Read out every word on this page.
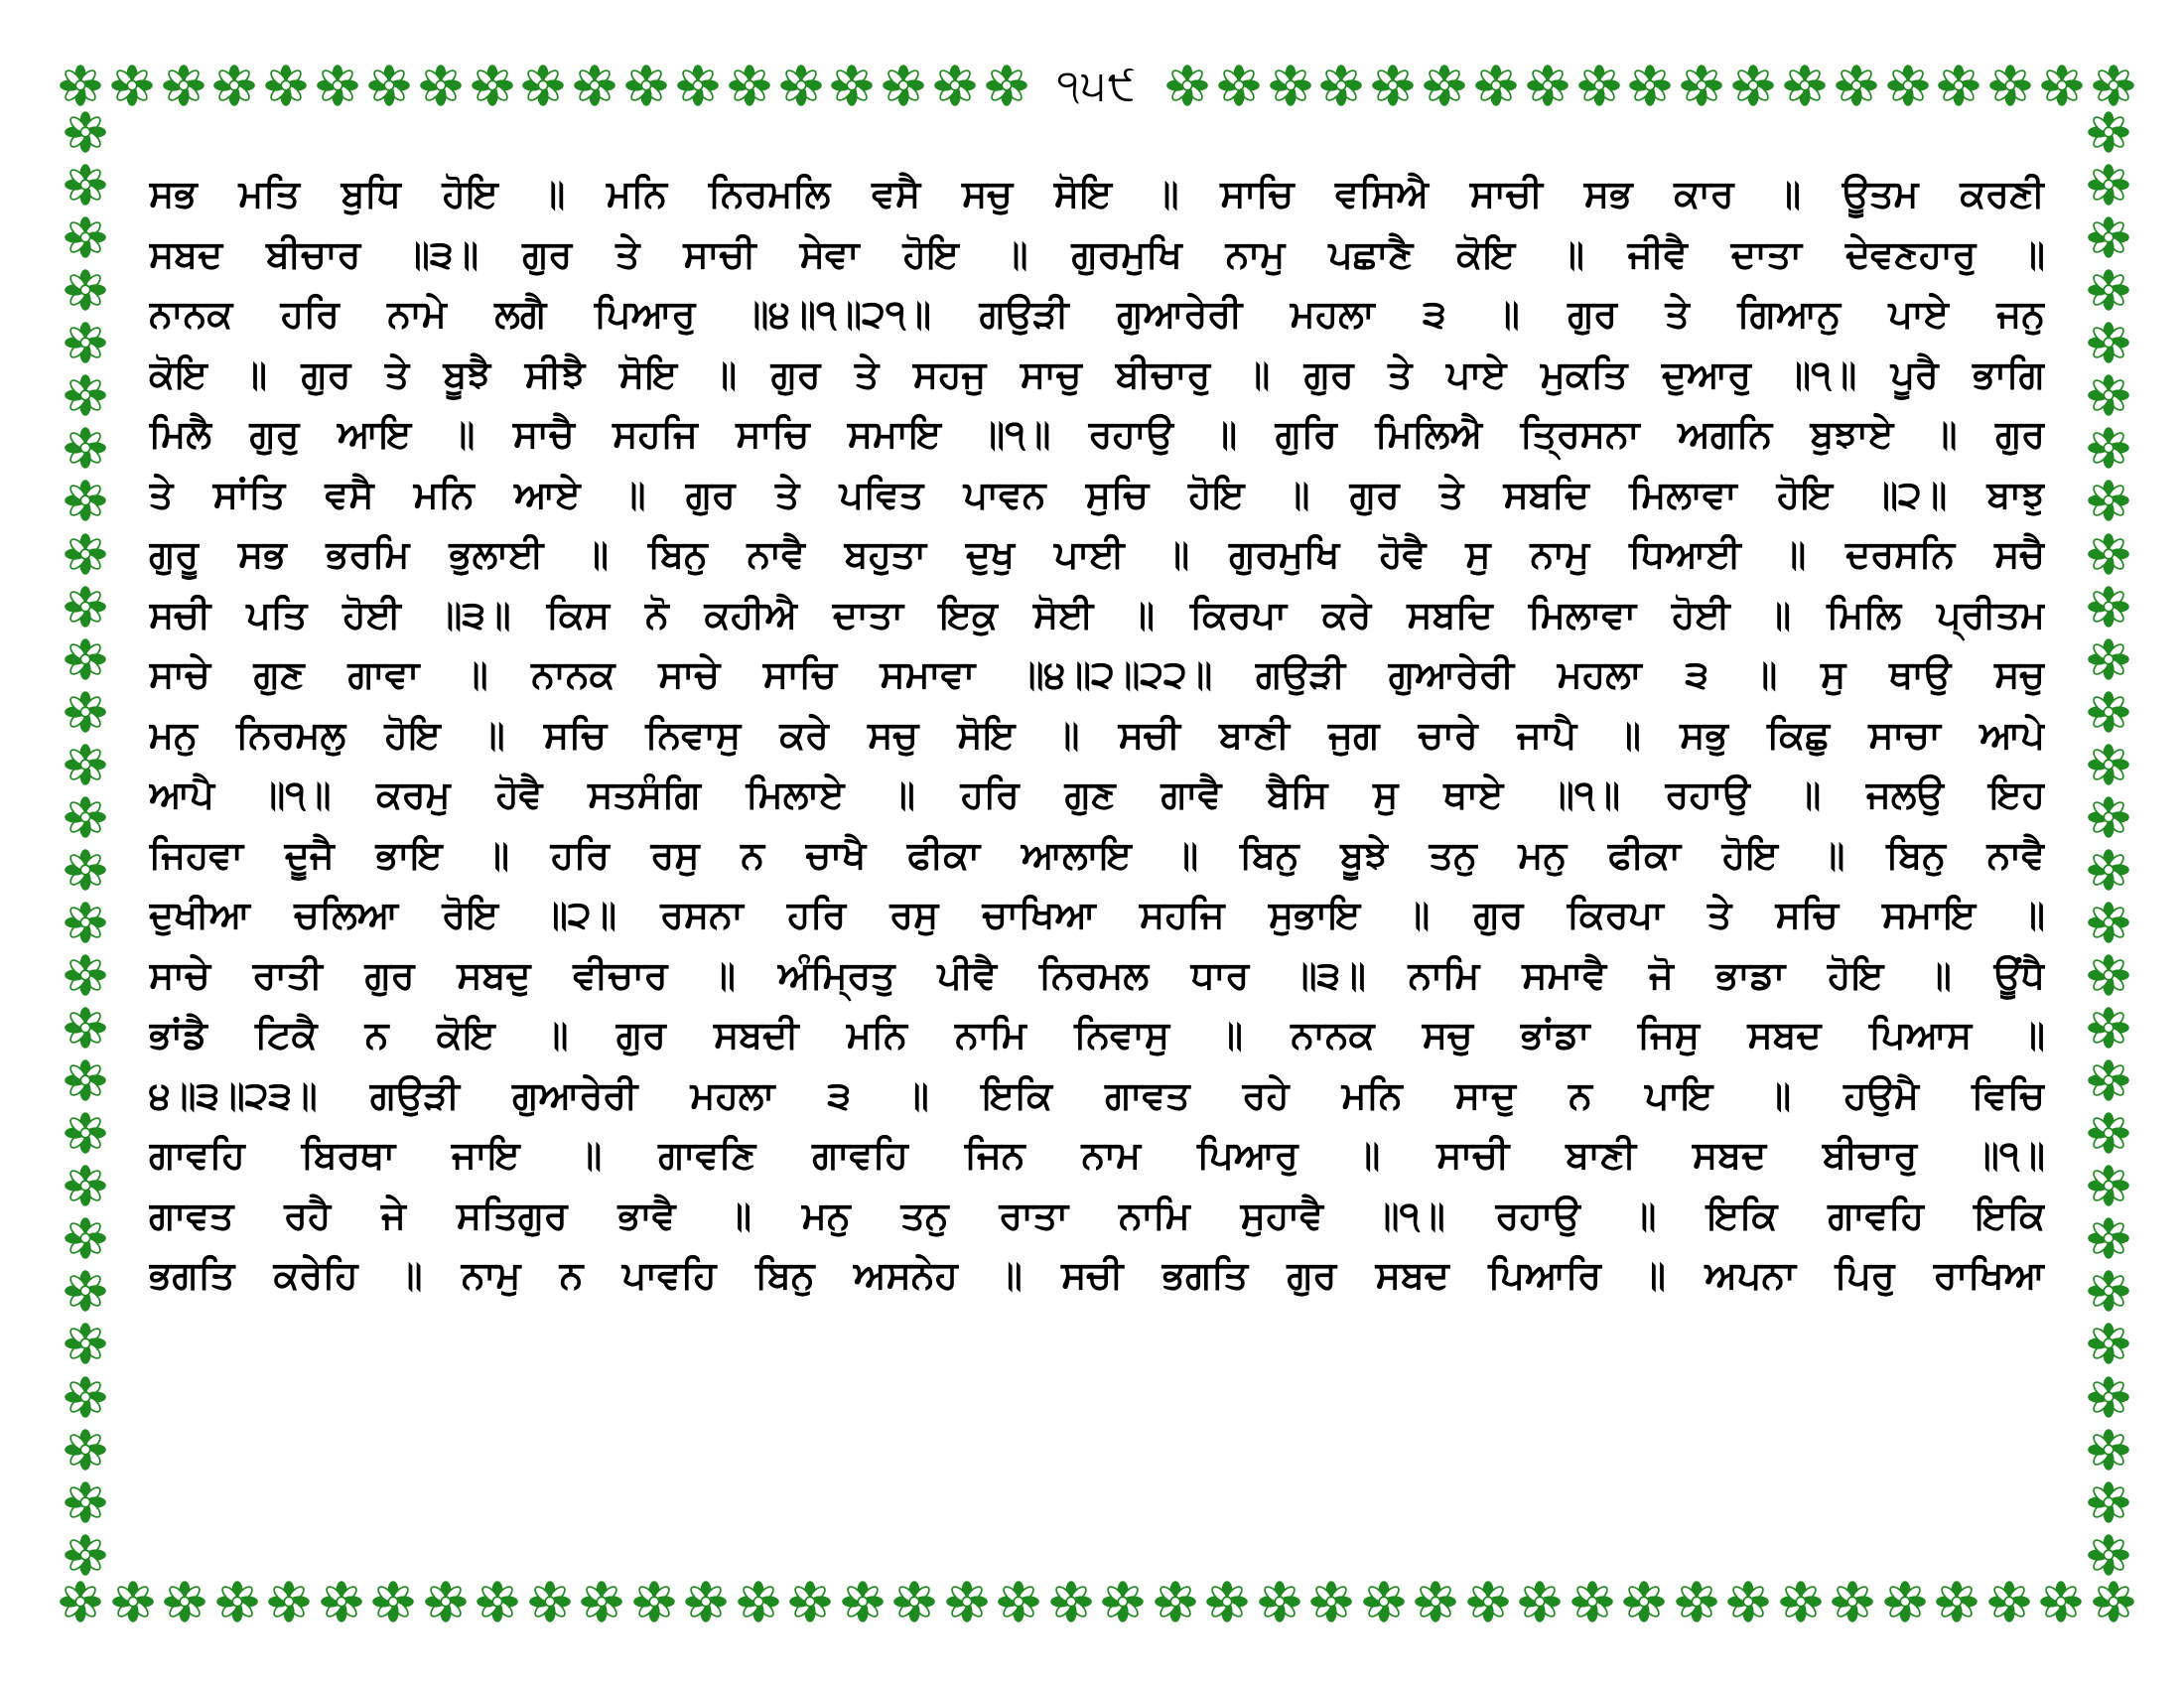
੧੫੯

ਸਭ ਮਤਿ ਬੁਧਿ ਹੋਇ ॥ ਮਨਿ ਨਿਰਮਲਿ ਵਸੈ ਸਚੁ ਸੋਇ ॥ ਸਾਚਿ ਵਸਿਐ ਸਾਚੀ ਸਭ ਕਾਰ ॥ ਊਤਮ ਕਰਣੀ

ਸਬਦ ਬੀਚਾਰ ॥੩॥ ਗੁਰ ਤੇ ਸਾਚੀ ਸੇਵਾ ਹੋਇ ॥ ਗੁਰਮੁਖਿ ਨਾਮੁ ਪਛਾਣੈ ਕੋਇ ॥ ਜੀਵੈ ਦਾਤਾ ਦੇਵਣਹਾਰੁ ॥

ਨਾਨਕ ਹਰਿ ਨਾਮੇ ਲਗੈ ਪਿਆਰੁ ॥੪॥੧॥੨੧॥ ਗਉੜੀ ਗੁਆਰੇਰੀ ਮਹਲਾ ੩ ॥ ਗੁਰ ਤੇ ਗਿਆਨੁ ਪਾਏ ਜਨੁ

ਕੋਇ ॥ ਗੁਰ ਤੇ ਬੂਝੈ ਸੀਝੈ ਸੋਇ ॥ ਗੁਰ ਤੇ ਸਹਜੁ ਸਾਚੁ ਬੀਚਾਰੁ ॥ ਗੁਰ ਤੇ ਪਾਏ ਮੁਕਤਿ ਦੁਆਰੁ ॥੧॥ ਪੂਰੈ ਭਾਗਿ

ਮਿਲੈ ਗੁਰੁ ਆਇ ॥ ਸਾਚੈ ਸਹਜਿ ਸਾਚਿ ਸਮਾਇ ॥੧॥ ਰਹਾਉ ॥ ਗੁਰਿ ਮਿਲਿਐ ਤ੍ਰਿਸਨਾ ਅਗਨਿ ਬੁਝਾਏ ॥ ਗੁਰ

ਤੇ ਸਾਂਤਿ ਵਸੈ ਮਨਿ ਆਏ ॥ ਗੁਰ ਤੇ ਪਵਿਤ ਪਾਵਨ ਸੁਚਿ ਹੋਇ ॥ ਗੁਰ ਤੇ ਸਬਦਿ ਮਿਲਾਵਾ ਹੋਇ ॥੨॥ ਬਾਝੁ

ਗੁਰੂ ਸਭ ਭਰਮਿ ਭੁਲਾਈ ॥ ਬਿਨੁ ਨਾਵੈ ਬਹੁਤਾ ਦੁਖੁ ਪਾਈ ॥ ਗੁਰਮੁਖਿ ਹੋਵੈ ਸੁ ਨਾਮੁ ਧਿਆਈ ॥ ਦਰਸਨਿ ਸਚੈ

ਸਚੀ ਪਤਿ ਹੋਈ ॥੩॥ ਕਿਸ ਨੋ ਕਹੀਐ ਦਾਤਾ ਇਕੁ ਸੋਈ ॥ ਕਿਰਪਾ ਕਰੇ ਸਬਦਿ ਮਿਲਾਵਾ ਹੋਈ ॥ ਮਿਲਿ ਪ੍ਰੀਤਮ

ਸਾਚੇ ਗੁਣ ਗਾਵਾ ॥ ਨਾਨਕ ਸਾਚੇ ਸਾਚਿ ਸਮਾਵਾ ॥੪॥੨॥੨੨॥ ਗਉੜੀ ਗੁਆਰੇਰੀ ਮਹਲਾ ੩ ॥ ਸੁ ਥਾਉ ਸਚੁ

ਮਨੁ ਨਿਰਮਲੁ ਹੋਇ ॥ ਸਚਿ ਨਿਵਾਸੁ ਕਰੇ ਸਚੁ ਸੋਇ ॥ ਸਚੀ ਬਾਣੀ ਜੁਗ ਚਾਰੇ ਜਾਪੈ ॥ ਸਭੁ ਕਿਛੁ ਸਾਚਾ ਆਪੇ

ਆਪੈ ॥੧॥ ਕਰਮੁ ਹੋਵੈ ਸਤਸੰਗਿ ਮਿਲਾਏ ॥ ਹਰਿ ਗੁਣ ਗਾਵੈ ਬੈਸਿ ਸੁ ਥਾਏ ॥੧॥ ਰਹਾਉ ॥ ਜਲਉ ਇਹ

ਜਿਹਵਾ ਦੂਜੈ ਭਾਇ ॥ ਹਰਿ ਰਸੁ ਨ ਚਾਖੈ ਫੀਕਾ ਆਲਾਇ ॥ ਬਿਨੁ ਬੂਝੇ ਤਨੁ ਮਨੁ ਫੀਕਾ ਹੋਇ ॥ ਬਿਨੁ ਨਾਵੈ

ਦੁਖੀਆ ਚਲਿਆ ਰੋਇ ॥੨॥ ਰਸਨਾ ਹਰਿ ਰਸੁ ਚਾਖਿਆ ਸਹਜਿ ਸੁਭਾਇ ॥ ਗੁਰ ਕਿਰਪਾ ਤੇ ਸਚਿ ਸਮਾਇ ॥

ਸਾਚੇ ਰਾਤੀ ਗੁਰ ਸਬਦੁ ਵੀਚਾਰ ॥ ਅੰਮ੍ਰਿਤੁ ਪੀਵੈ ਨਿਰਮਲ ਧਾਰ ॥੩॥ ਨਾਮਿ ਸਮਾਵੈ ਜੋ ਭਾਡਾ ਹੋਇ ॥ ਊਂਧੈ

ਭਾਂਡੈ ਟਿਕੈ ਨ ਕੋਇ ॥ ਗੁਰ ਸਬਦੀ ਮਨਿ ਨਾਮਿ ਨਿਵਾਸੁ ॥ ਨਾਨਕ ਸਚੁ ਭਾਂਡਾ ਜਿਸੁ ਸਬਦ ਪਿਆਸ ॥

੪॥੩॥੨੩॥ ਗਉੜੀ ਗੁਆਰੇਰੀ ਮਹਲਾ ੩ ॥ ਇਕਿ ਗਾਵਤ ਰਹੇ ਮਨਿ ਸਾਦੁ ਨ ਪਾਇ ॥ ਹਉਮੈ ਵਿਚਿ

ਗਾਵਹਿ ਬਿਰਥਾ ਜਾਇ ॥ ਗਾਵਣਿ ਗਾਵਹਿ ਜਿਨ ਨਾਮ ਪਿਆਰੁ ॥ ਸਾਚੀ ਬਾਣੀ ਸਬਦ ਬੀਚਾਰੁ ॥੧॥

ਗਾਵਤ ਰਹੈ ਜੇ ਸਤਿਗੁਰ ਭਾਵੈ ॥ ਮਨੁ ਤਨੁ ਰਾਤਾ ਨਾਮਿ ਸੁਹਾਵੈ ॥੧॥ ਰਹਾਉ ॥ ਇਕਿ ਗਾਵਹਿ ਇਕਿ

ਭਗਤਿ ਕਰੇਹਿ ॥ ਨਾਮੁ ਨ ਪਾਵਹਿ ਬਿਨੁ ਅਸਨੇਹ ॥ ਸਚੀ ਭਗਤਿ ਗੁਰ ਸਬਦ ਪਿਆਰਿ ॥ ਅਪਨਾ ਪਿਰੁ ਰਾਖਿਆ
